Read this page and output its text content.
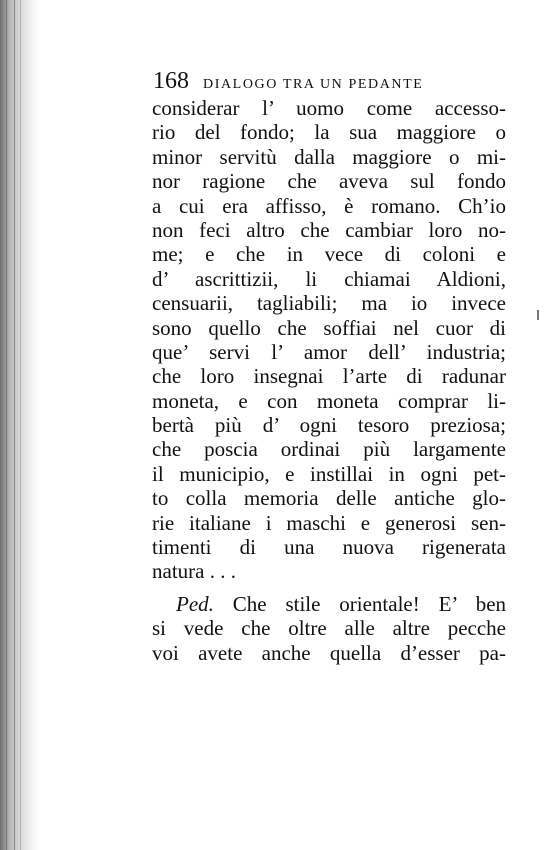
168 DIALOGO TRA UN PEDANTE
considerar l’ uomo come accesso-
rio del fondo; la sua maggiore o
minor servitù dalla maggiore o mi-
nor ragione che aveva sul fondo
a cui era affisso, è romano. Ch’io
non feci altro che cambiar loro no-
me; e che in vece di coloni e
d’ ascrittizii, li chiamai Aldioni,
censuarii, tagliabili; ma io invece
sono quello che soffiai nel cuor di
que’ servi l’ amor dell’ industria;
che loro insegnai l’arte di radunar
moneta, e con moneta comprar li-
bertà più d’ ogni tesoro preziosa;
che poscia ordinai più largamente
il municipio, e instillai in ogni pet-
to colla memoria delle antiche glo-
rie italiane i maschi e generosi sen-
timenti di una nuova rigenerata
natura . . .
Ped. Che stile orientale! E’ ben
si vede che oltre alle altre pecche
voi avete anche quella d’esser pa-
